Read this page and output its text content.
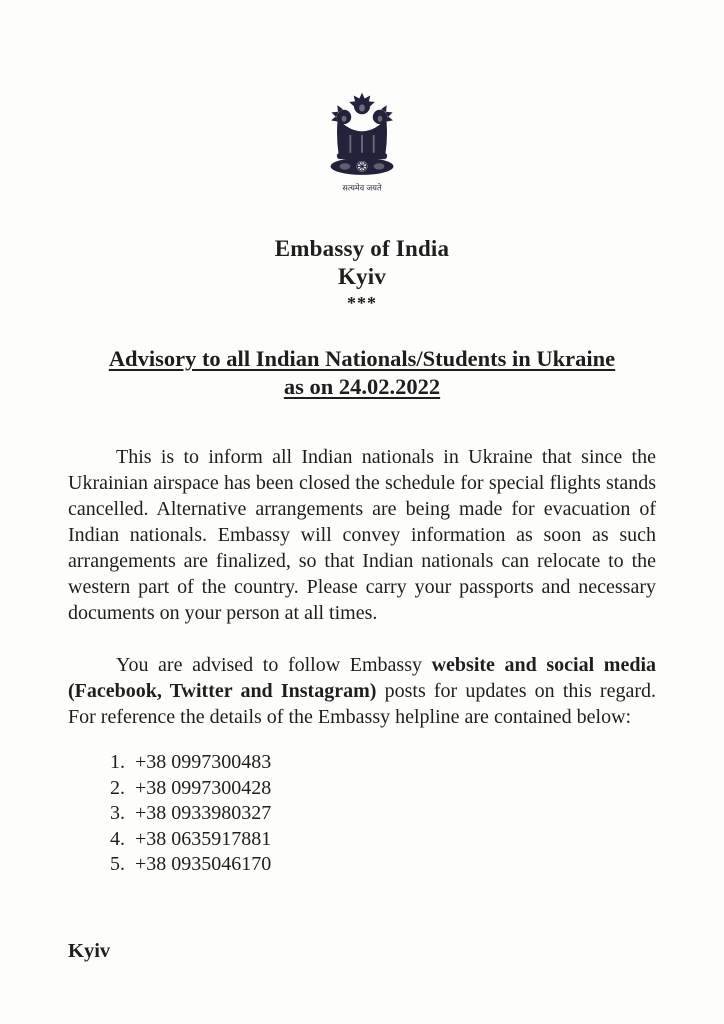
सत्यमेव जयते
Embassy of India
Kyiv
***
Advisory to all Indian Nationals/Students in Ukraine
as on 24.02.2022

This is to inform all Indian nationals in Ukraine that since the Ukrainian airspace has been closed the schedule for special flights stands cancelled. Alternative arrangements are being made for evacuation of Indian nationals. Embassy will convey information as soon as such arrangements are finalized, so that Indian nationals can relocate to the western part of the country. Please carry your passports and necessary documents on your person at all times.

You are advised to follow Embassy website and social media (Facebook, Twitter and Instagram) posts for updates on this regard. For reference the details of the Embassy helpline are contained below:

1. +38 0997300483
2. +38 0997300428
3. +38 0933980327
4. +38 0635917881
5. +38 0935046170
Kyiv
